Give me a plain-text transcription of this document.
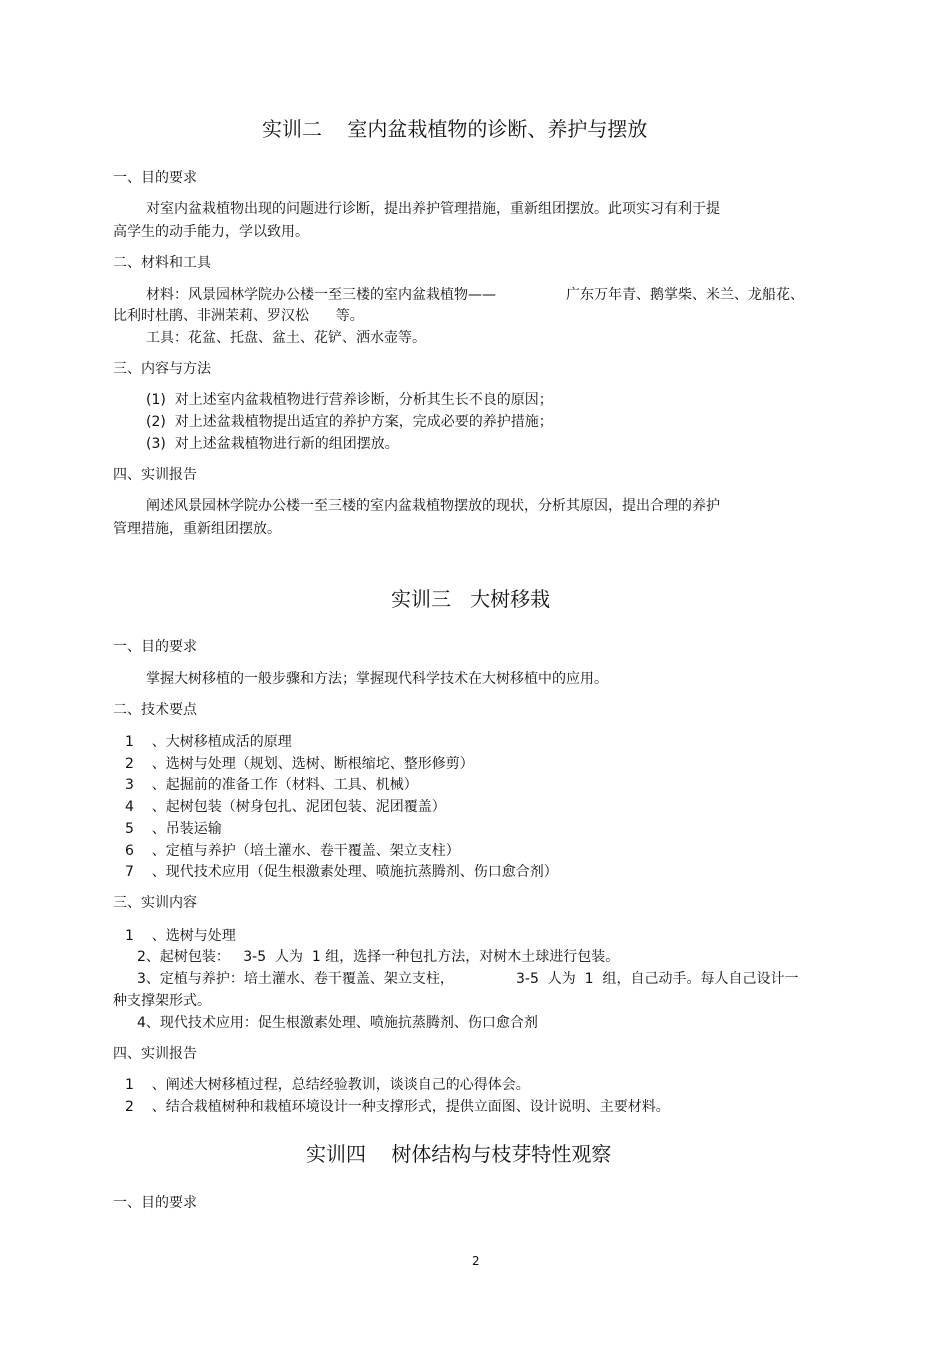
实训二    室内盆栽植物的诊断、养护与摆放
一、目的要求
对室内盆栽植物出现的问题进行诊断，提出养护管理措施，重新组团摆放。此项实习有利于提
高学生的动手能力，学以致用。
二、材料和工具
材料：风景园林学院办公楼一至三楼的室内盆栽植物——	广东万年青、鹅掌柴、米兰、龙船花、
比利时杜鹃、非洲茉莉、罗汉松      等。
工具：花盆、托盘、盆土、花铲、洒水壶等。
三、内容与方法
(1)  对上述室内盆栽植物进行营养诊断，分析其生长不良的原因；
(2)  对上述盆栽植物提出适宜的养护方案，完成必要的养护措施；
(3)  对上述盆栽植物进行新的组团摆放。
四、实训报告
阐述风景园林学院办公楼一至三楼的室内盆栽植物摆放的现状，分析其原因，提出合理的养护
管理措施，重新组团摆放。
实训三   大树移栽
一、目的要求
掌握大树移植的一般步骤和方法；掌握现代科学技术在大树移植中的应用。
二、技术要点
1    、大树移植成活的原理
2    、选树与处理（规划、选树、断根缩坨、整形修剪）
3    、起掘前的准备工作（材料、工具、机械）
4    、起树包装（树身包扎、泥团包装、泥团覆盖）
5    、吊装运输
6    、定植与养护（培土灌水、卷干覆盖、架立支柱）
7    、现代技术应用（促生根激素处理、喷施抗蒸腾剂、伤口愈合剂）
三、实训内容
1    、选树与处理
2、起树包装：   3-5  人为  1 组，选择一种包扎方法，对树木土球进行包装。
3、定植与养护：培土灌水、卷干覆盖、架立支柱，	3-5  人为  1  组，自己动手。每人自己设计一
种支撑架形式。
4、现代技术应用：促生根激素处理、喷施抗蒸腾剂、伤口愈合剂
四、实训报告
1    、阐述大树移植过程，总结经验教训，谈谈自己的心得体会。
2    、结合栽植树种和栽植环境设计一种支撑形式，提供立面图、设计说明、主要材料。
实训四    树体结构与枝芽特性观察
一、目的要求
2
